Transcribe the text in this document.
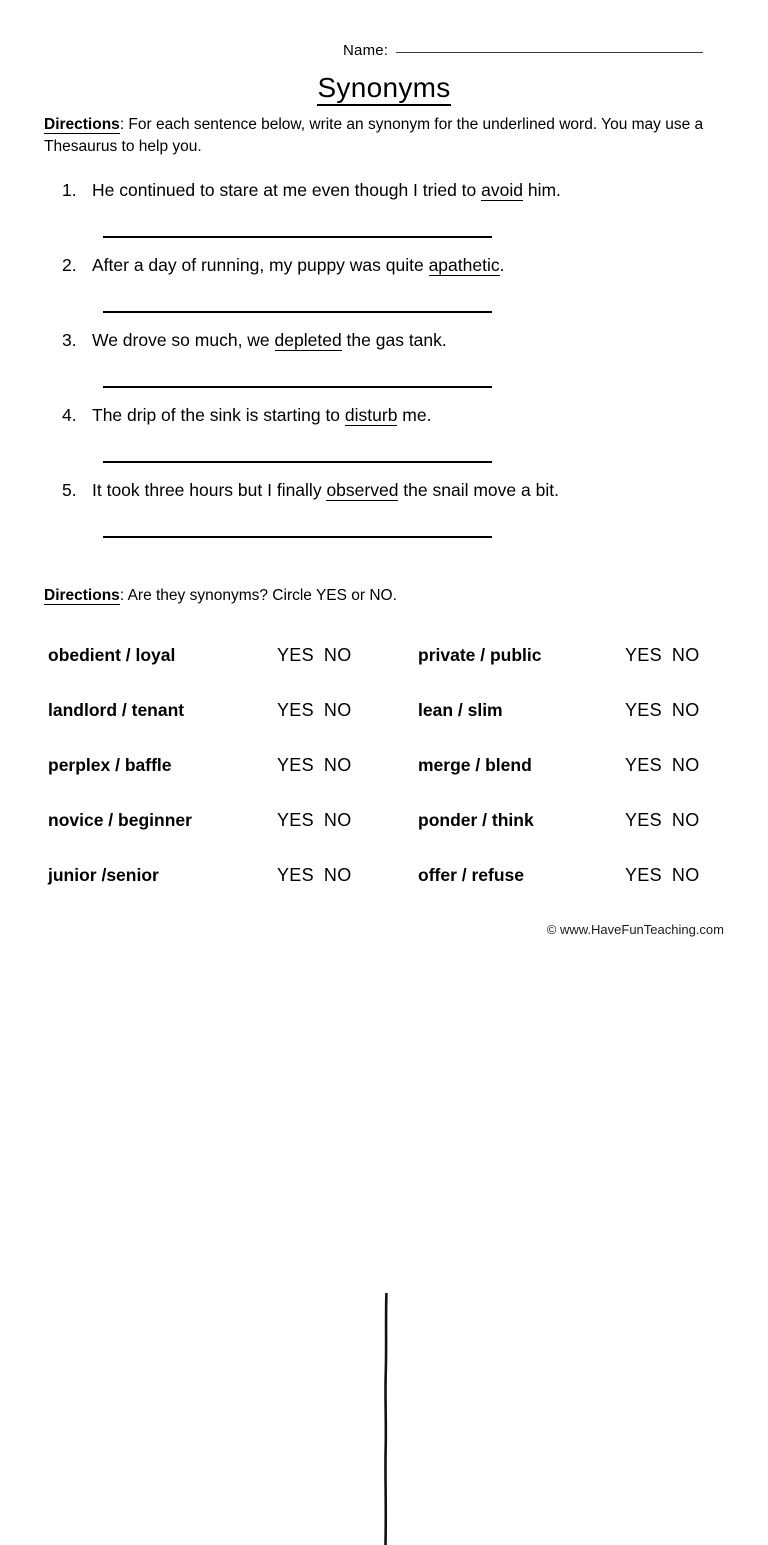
Name:
Synonyms
Directions: For each sentence below, write an synonym for the underlined word. You may use a Thesaurus to help you.
1. He continued to stare at me even though I tried to avoid him.
2. After a day of running, my puppy was quite apathetic.
3. We drove so much, we depleted the gas tank.
4. The drip of the sink is starting to disturb me.
5. It took three hours but I finally observed the snail move a bit.
Directions: Are they synonyms? Circle YES or NO.
obedient / loyal	YES NO
landlord / tenant	YES NO
perplex / baffle	YES NO
novice / beginner	YES NO
junior /senior	YES NO
private / public	YES NO
lean / slim	YES NO
merge / blend	YES NO
ponder / think	YES NO
offer / refuse	YES NO
© www.HaveFunTeaching.com
